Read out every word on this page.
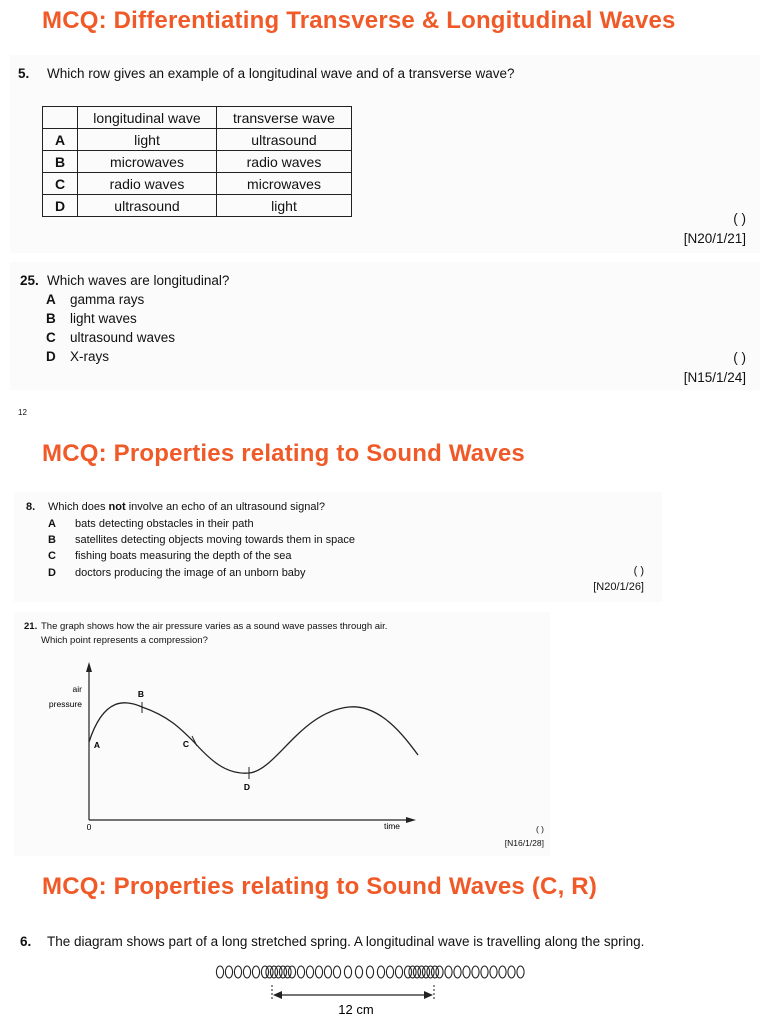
MCQ: Differentiating Transverse & Longitudinal Waves
5. Which row gives an example of a longitudinal wave and of a transverse wave?
	longitudinal wave	transverse wave
A	light	ultrasound
B	microwaves	radio waves
C	radio waves	microwaves
D	ultrasound	light
( )
[N20/1/21]
25. Which waves are longitudinal?
A gamma rays
B light waves
C ultrasound waves
D X-rays	( )
[N15/1/24]
12
MCQ: Properties relating to Sound Waves
8. Which does not involve an echo of an ultrasound signal?
A bats detecting obstacles in their path
B satellites detecting objects moving towards them in space
C fishing boats measuring the depth of the sea
D doctors producing the image of an unborn baby	( )
[N20/1/26]
21. The graph shows how the air pressure varies as a sound wave passes through air.
Which point represents a compression?
air
pressure
time
0
A
B
C
D
( )
[N16/1/28]
MCQ: Properties relating to Sound Waves (C, R)
6. The diagram shows part of a long stretched spring. A longitudinal wave is travelling along the spring.
12 cm
